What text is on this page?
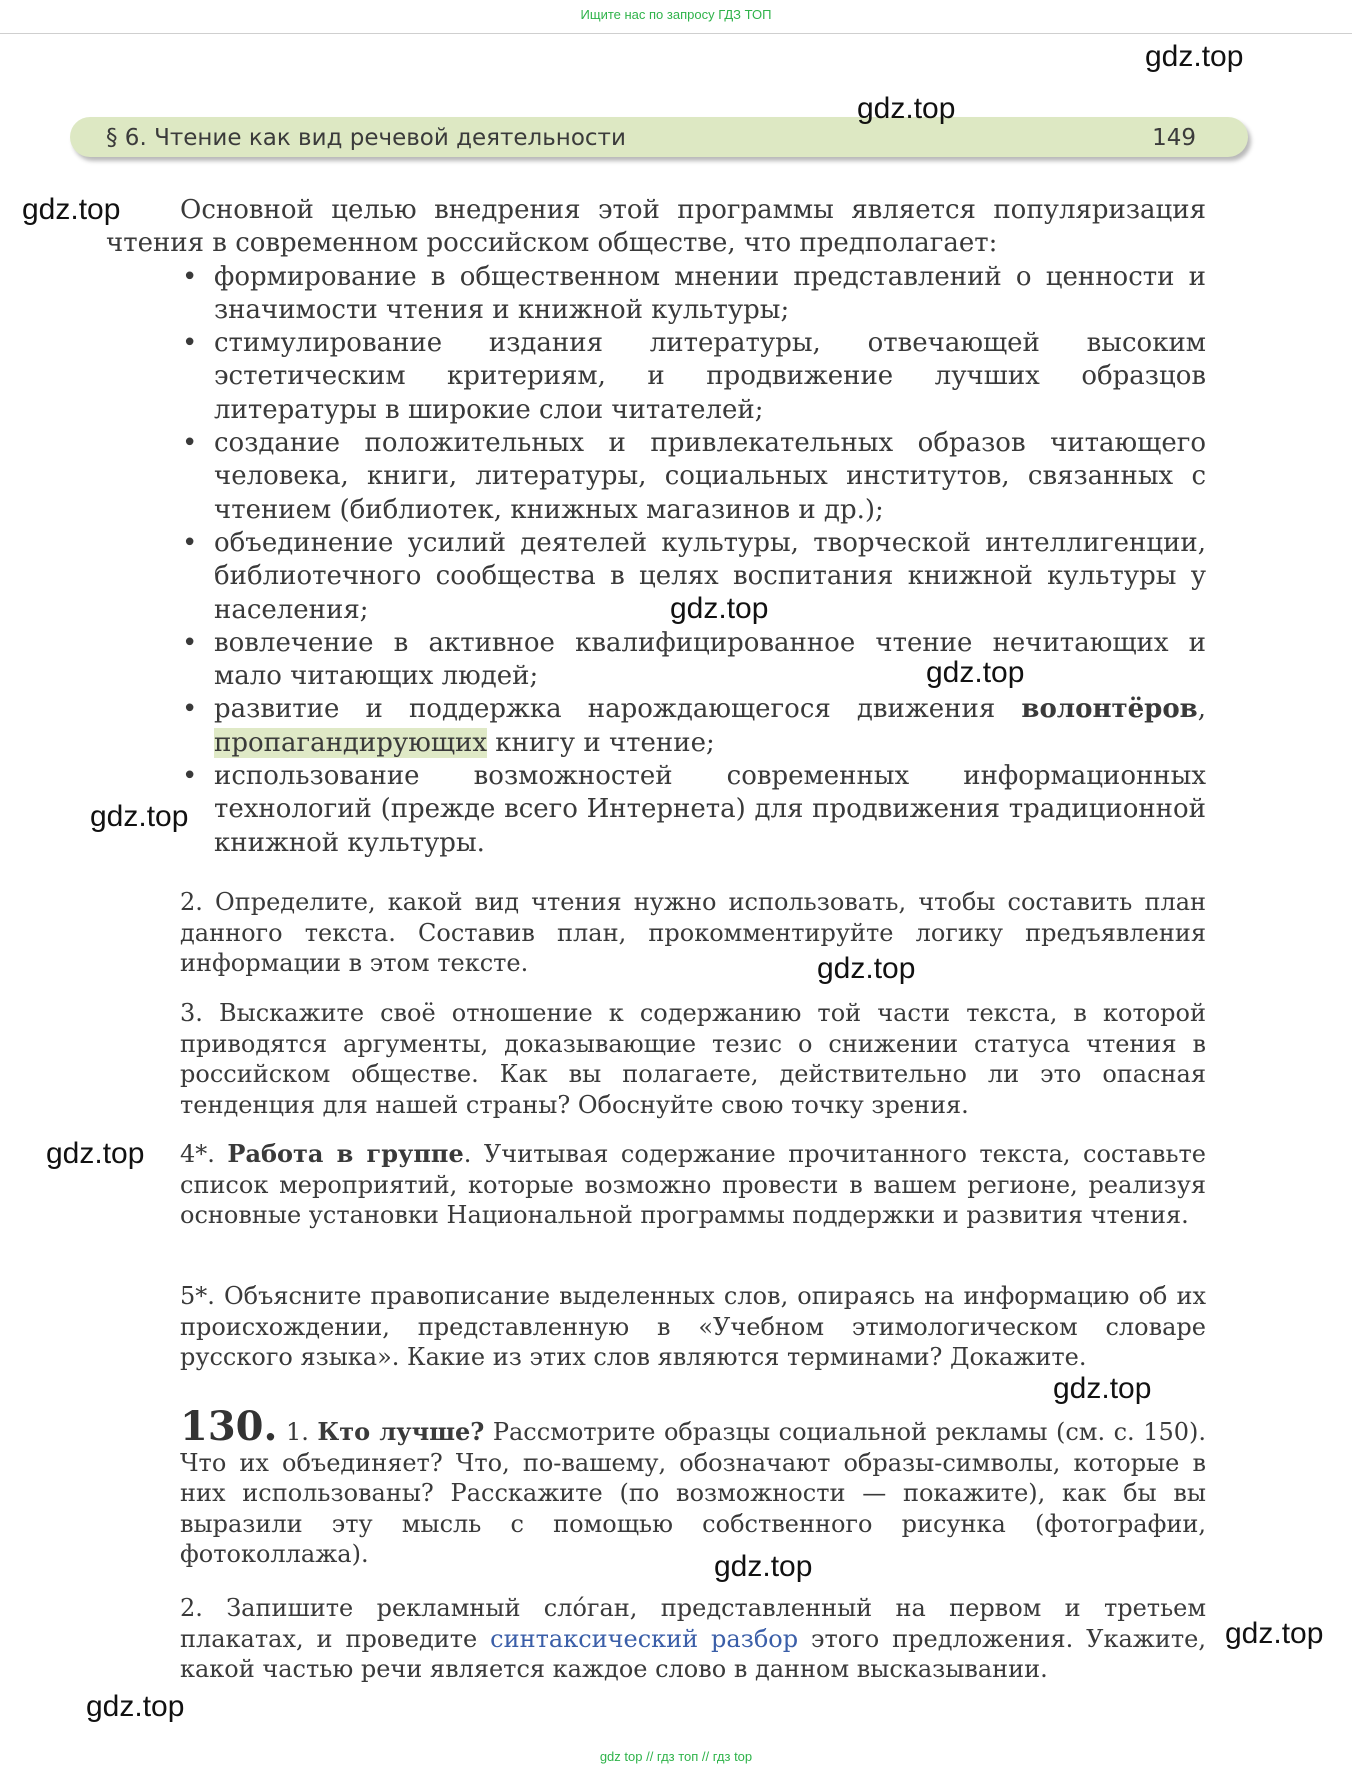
Ищите нас по запросу ГДЗ ТОП
§ 6. Чтение как вид речевой деятельности	149
gdz.top
gdz.top
gdz.top
gdz.top
gdz.top
gdz.top
gdz.top
gdz.top
gdz.top
gdz.top
gdz.top
gdz.top

Основной целью внедрения этой программы является популяризация чтения в современном российском обществе, что предполагает:

• формирование в общественном мнении представлений о ценности и значимости чтения и книжной культуры;
• стимулирование издания литературы, отвечающей высоким эстетическим критериям, и продвижение лучших образцов литературы в широкие слои читателей;
• создание положительных и привлекательных образов читающего человека, книги, литературы, социальных институтов, связанных с чтением (библиотек, книжных магазинов и др.);
• объединение усилий деятелей культуры, творческой интеллигенции, библиотечного сообщества в целях воспитания книжной культуры у населения;
• вовлечение в активное квалифицированное чтение нечитающих и мало читающих людей;
• развитие и поддержка нарождающегося движения волонтёров, пропагандирующих книгу и чтение;
• использование возможностей современных информационных технологий (прежде всего Интернета) для продвижения традиционной книжной культуры.

2. Определите, какой вид чтения нужно использовать, чтобы составить план данного текста. Составив план, прокомментируйте логику предъявления информации в этом тексте.

3. Выскажите своё отношение к содержанию той части текста, в которой приводятся аргументы, доказывающие тезис о снижении статуса чтения в российском обществе. Как вы полагаете, действительно ли это опасная тенденция для нашей страны? Обоснуйте свою точку зрения.

4*. Работа в группе. Учитывая содержание прочитанного текста, составьте список мероприятий, которые возможно провести в вашем регионе, реализуя основные установки Национальной программы поддержки и развития чтения.

5*. Объясните правописание выделенных слов, опираясь на информацию об их происхождении, представленную в «Учебном этимологическом словаре русского языка». Какие из этих слов являются терминами? Докажите.

130. 1. Кто лучше? Рассмотрите образцы социальной рекламы (см. с. 150). Что их объединяет? Что, по-вашему, обозначают образы-символы, которые в них использованы? Расскажите (по возможности — покажите), как бы вы выразили эту мысль с помощью собственного рисунка (фотографии, фотоколлажа).

2. Запишите рекламный слóган, представленный на первом и третьем плакатах, и проведите синтаксический разбор этого предложения. Укажите, какой частью речи является каждое слово в данном высказывании.

gdz top // гдз топ // гдз top
